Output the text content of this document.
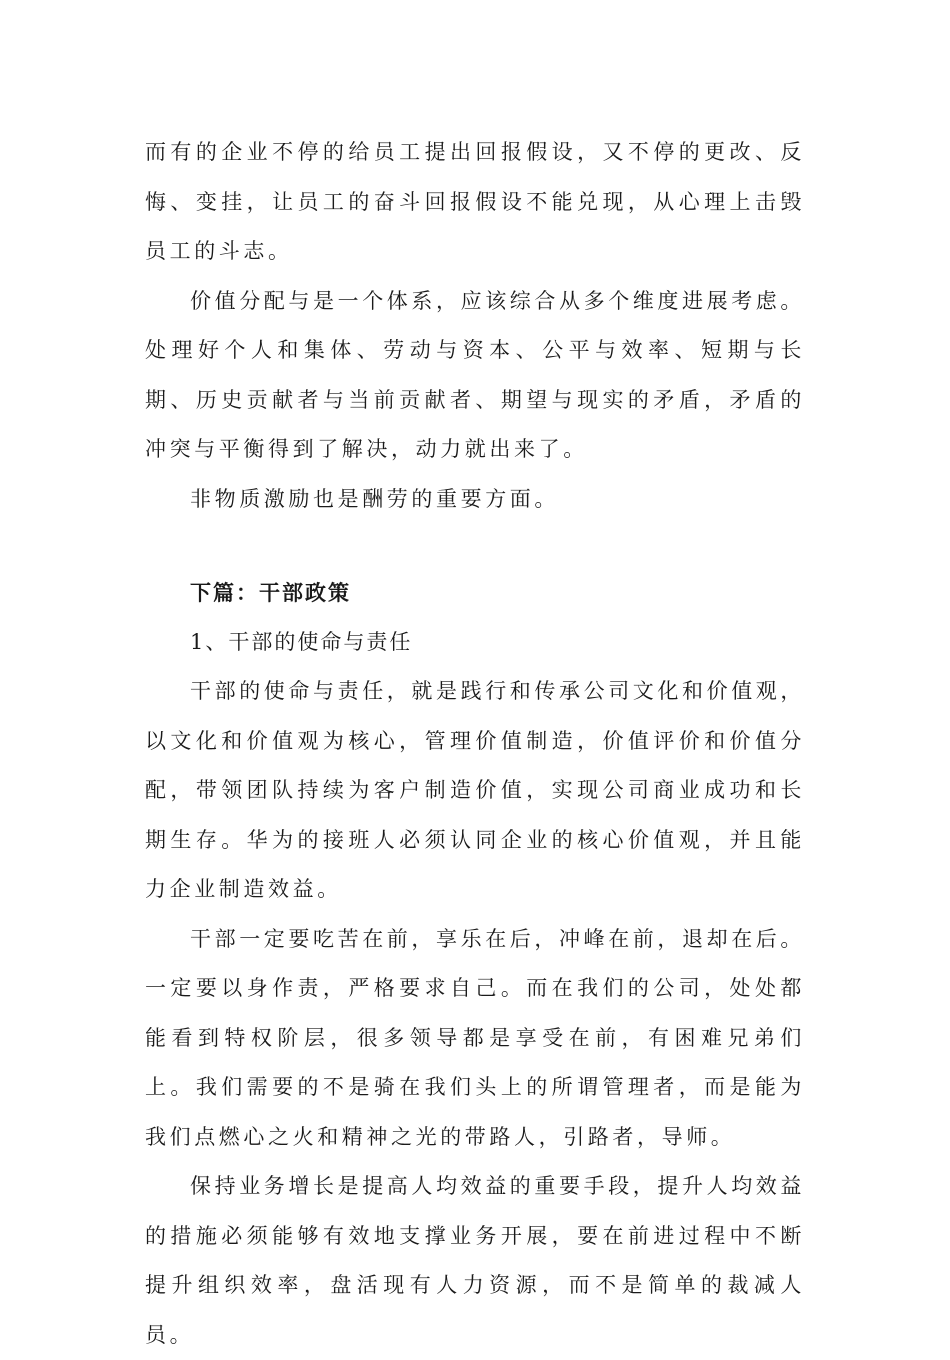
而有的企业不停的给员工提出回报假设，又不停的更改、反悔、变挂，让员工的奋斗回报假设不能兑现，从心理上击毁员工的斗志。

价值分配与是一个体系，应该综合从多个维度进展考虑。处理好个人和集体、劳动与资本、公平与效率、短期与长期、历史贡献者与当前贡献者、期望与现实的矛盾，矛盾的冲突与平衡得到了解决，动力就出来了。

非物质激励也是酬劳的重要方面。

下篇：干部政策

1、干部的使命与责任

干部的使命与责任，就是践行和传承公司文化和价值观，以文化和价值观为核心，管理价值制造，价值评价和价值分配，带领团队持续为客户制造价值，实现公司商业成功和长期生存。华为的接班人必须认同企业的核心价值观，并且能力企业制造效益。

干部一定要吃苦在前，享乐在后，冲峰在前，退却在后。一定要以身作责，严格要求自己。而在我们的公司，处处都能看到特权阶层，很多领导都是享受在前，有困难兄弟们上。我们需要的不是骑在我们头上的所谓管理者，而是能为我们点燃心之火和精神之光的带路人，引路者，导师。

保持业务增长是提高人均效益的重要手段，提升人均效益的措施必须能够有效地支撑业务开展，要在前进过程中不断提升组织效率，盘活现有人力资源，而不是简单的裁减人员。
